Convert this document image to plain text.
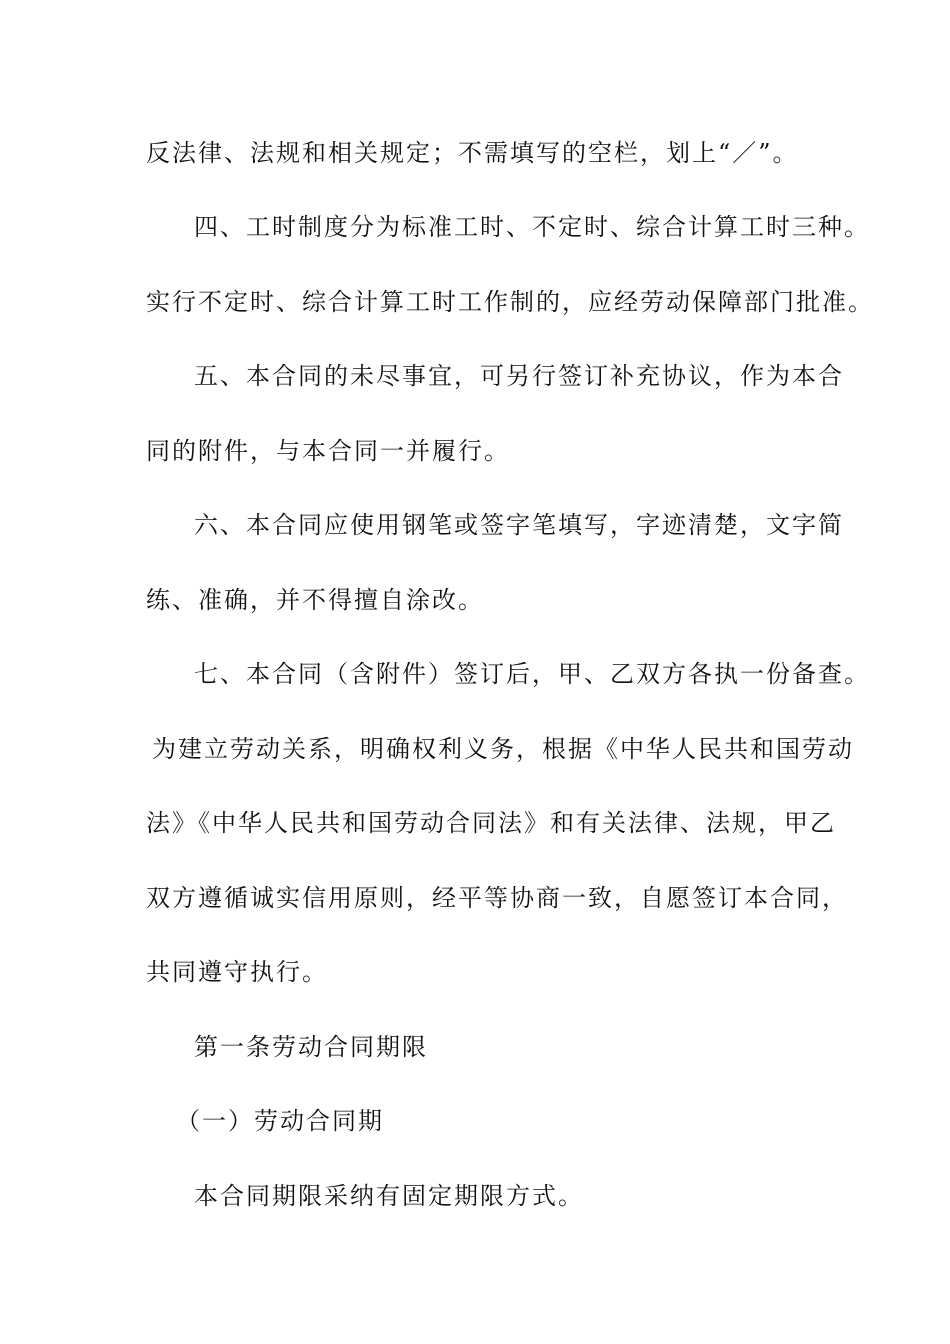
反法律、法规和相关规定；不需填写的空栏，划上“／”。
四、工时制度分为标准工时、不定时、综合计算工时三种。
实行不定时、综合计算工时工作制的，应经劳动保障部门批准。
五、本合同的未尽事宜，可另行签订补充协议，作为本合
同的附件，与本合同一并履行。
六、本合同应使用钢笔或签字笔填写，字迹清楚，文字简
练、准确，并不得擅自涂改。
七、本合同（含附件）签订后，甲、乙双方各执一份备查。
为建立劳动关系，明确权利义务，根据《中华人民共和国劳动
法》《中华人民共和国劳动合同法》和有关法律、法规，甲乙
双方遵循诚实信用原则，经平等协商一致，自愿签订本合同，
共同遵守执行。
第一条劳动合同期限
（一）劳动合同期
本合同期限采纳有固定期限方式。
